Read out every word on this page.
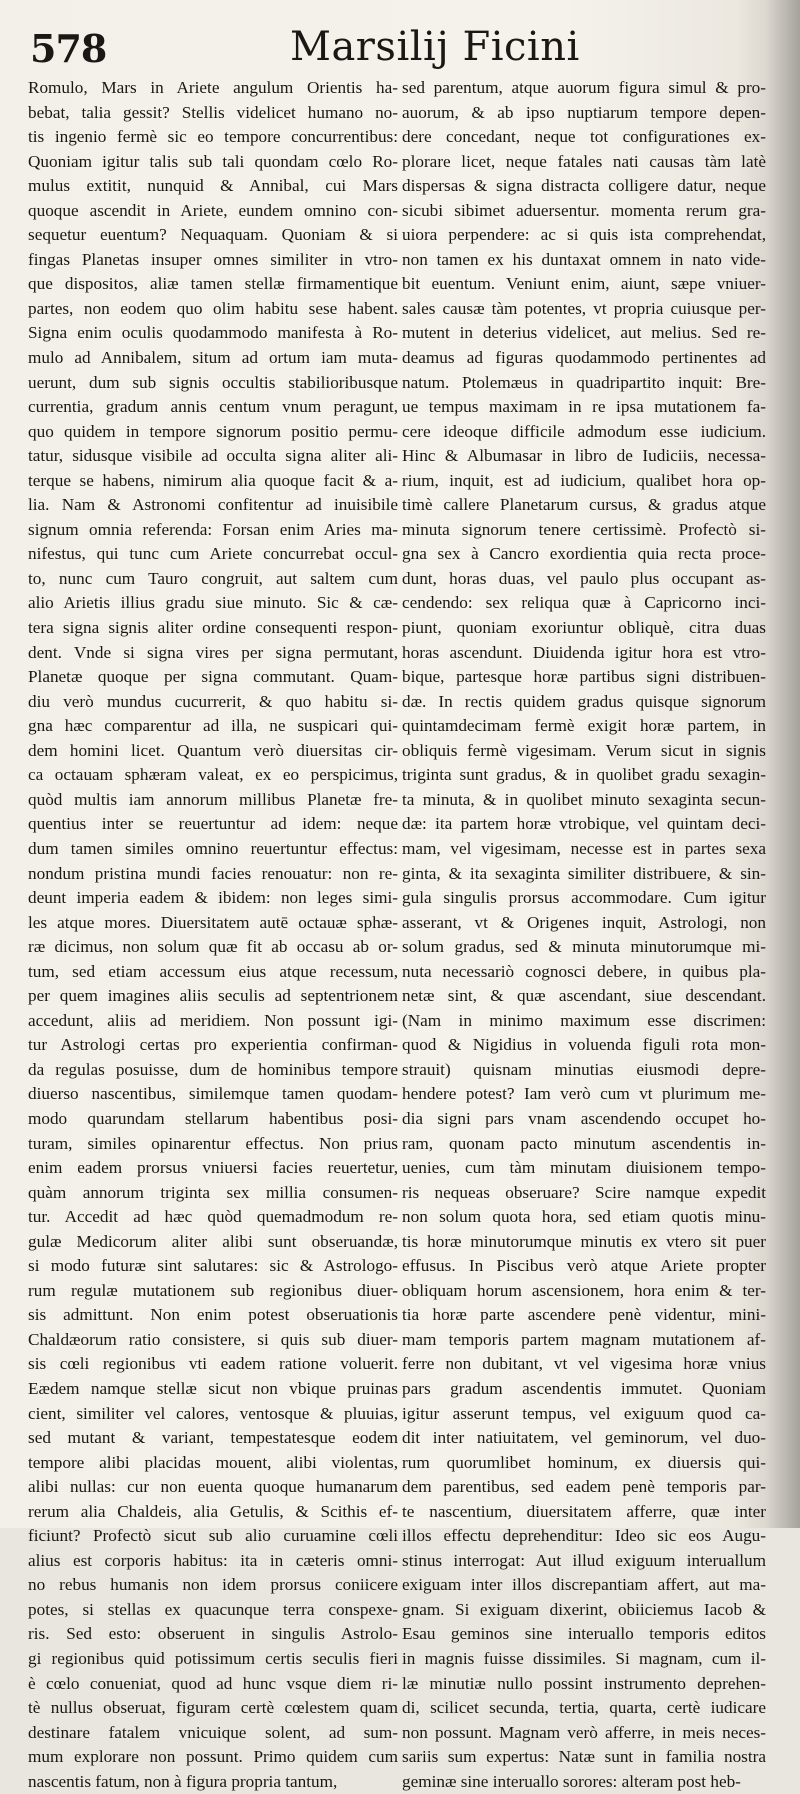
578	Marsilij Ficini
Romulo, Mars in Ariete angulum Orientis ha-
bebat, talia gessit? Stellis videlicet humano no-
tis ingenio fermè sic eo tempore concurrentibus:
Quoniam igitur talis sub tali quondam cœlo Ro-
mulus extitit, nunquid & Annibal, cui Mars
quoque ascendit in Ariete, eundem omnino con-
sequetur euentum? Nequaquam. Quoniam & si
fingas Planetas insuper omnes similiter in vtro-
que dispositos, aliæ tamen stellæ firmamentique
partes, non eodem quo olim habitu sese habent.
Signa enim oculis quodammodo manifesta à Ro-
mulo ad Annibalem, situm ad ortum iam muta-
uerunt, dum sub signis occultis stabilioribusque
currentia, gradum annis centum vnum peragunt,
quo quidem in tempore signorum positio permu-
tatur, sidusque visibile ad occulta signa aliter ali-
terque se habens, nimirum alia quoque facit & a-
lia. Nam & Astronomi confitentur ad inuisibile
signum omnia referenda: Forsan enim Aries ma-
nifestus, qui tunc cum Ariete concurrebat occul-
to, nunc cum Tauro congruit, aut saltem cum
alio Arietis illius gradu siue minuto. Sic & cæ-
tera signa signis aliter ordine consequenti respon-
dent. Vnde si signa vires per signa permutant,
Planetæ quoque per signa commutant. Quam-
diu verò mundus cucurrerit, & quo habitu si-
gna hæc comparentur ad illa, ne suspicari qui-
dem homini licet. Quantum verò diuersitas cir-
ca octauam sphæram valeat, ex eo perspicimus,
quòd multis iam annorum millibus Planetæ fre-
quentius inter se reuertuntur ad idem: neque
dum tamen similes omnino reuertuntur effectus:
nondum pristina mundi facies renouatur: non re-
deunt imperia eadem & ibidem: non leges simi-
les atque mores. Diuersitatem autē octauæ sphæ-
ræ dicimus, non solum quæ fit ab occasu ab or-
tum, sed etiam accessum eius atque recessum,
per quem imagines aliis seculis ad septentrionem
accedunt, aliis ad meridiem. Non possunt igi-
tur Astrologi certas pro experientia confirman-
da regulas posuisse, dum de hominibus tempore
diuerso nascentibus, similemque tamen quodam-
modo quarundam stellarum habentibus posi-
turam, similes opinarentur effectus. Non prius
enim eadem prorsus vniuersi facies reuertetur,
quàm annorum triginta sex millia consumen-
tur. Accedit ad hæc quòd quemadmodum re-
gulæ Medicorum aliter alibi sunt obseruandæ,
si modo futuræ sint salutares: sic & Astrologo-
rum regulæ mutationem sub regionibus diuer-
sis admittunt. Non enim potest obseruationis
Chaldæorum ratio consistere, si quis sub diuer-
sis cœli regionibus vti eadem ratione voluerit.
Eædem namque stellæ sicut non vbique pruinas
cient, similiter vel calores, ventosque & pluuias,
sed mutant & variant, tempestatesque eodem
tempore alibi placidas mouent, alibi violentas,
alibi nullas: cur non euenta quoque humanarum
rerum alia Chaldeis, alia Getulis, & Scithis ef-
ficiunt? Profectò sicut sub alio curuamine cœli
alius est corporis habitus: ita in cæteris omni-
no rebus humanis non idem prorsus coniicere
potes, si stellas ex quacunque terra conspexe-
ris. Sed esto: obseruent in singulis Astrolo-
gi regionibus quid potissimum certis seculis fieri
è cœlo conueniat, quod ad hunc vsque diem ri-
tè nullus obseruat, figuram certè cœlestem quam
destinare fatalem vnicuique solent, ad sum-
mum explorare non possunt. Primo quidem cum
nascentis fatum, non à figura propria tantum,
sed parentum, atque auorum figura simul & pro-
auorum, & ab ipso nuptiarum tempore depen-
dere concedant, neque tot configurationes ex-
plorare licet, neque fatales nati causas tàm latè
dispersas & signa distracta colligere datur, neque
sicubi sibimet aduersentur. momenta rerum gra-
uiora perpendere: ac si quis ista comprehendat,
non tamen ex his duntaxat omnem in nato vide-
bit euentum. Veniunt enim, aiunt, sæpe vniuer-
sales causæ tàm potentes, vt propria cuiusque per-
mutent in deterius videlicet, aut melius. Sed re-
deamus ad figuras quodammodo pertinentes ad
natum. Ptolemæus in quadripartito inquit: Bre-
ue tempus maximam in re ipsa mutationem fa-
cere ideoque difficile admodum esse iudicium.
Hinc & Albumasar in libro de Iudiciis, necessa-
rium, inquit, est ad iudicium, qualibet hora op-
timè callere Planetarum cursus, & gradus atque
minuta signorum tenere certissimè. Profectò si-
gna sex à Cancro exordientia quia recta proce-
dunt, horas duas, vel paulo plus occupant as-
cendendo: sex reliqua quæ à Capricorno inci-
piunt, quoniam exoriuntur obliquè, citra duas
horas ascendunt. Diuidenda igitur hora est vtro-
bique, partesque horæ partibus signi distribuen-
dæ. In rectis quidem gradus quisque signorum
quintamdecimam fermè exigit horæ partem, in
obliquis fermè vigesimam. Verum sicut in signis
triginta sunt gradus, & in quolibet gradu sexagin-
ta minuta, & in quolibet minuto sexaginta secun-
dæ: ita partem horæ vtrobique, vel quintam deci-
mam, vel vigesimam, necesse est in partes sexa
ginta, & ita sexaginta similiter distribuere, & sin-
gula singulis prorsus accommodare. Cum igitur
asserant, vt & Origenes inquit, Astrologi, non
solum gradus, sed & minuta minutorumque mi-
nuta necessariò cognosci debere, in quibus pla-
netæ sint, & quæ ascendant, siue descendant.
(Nam in minimo maximum esse discrimen:
quod & Nigidius in voluenda figuli rota mon-
strauit) quisnam minutias eiusmodi depre-
hendere potest? Iam verò cum vt plurimum me-
dia signi pars vnam ascendendo occupet ho-
ram, quonam pacto minutum ascendentis in-
uenies, cum tàm minutam diuisionem tempo-
ris nequeas obseruare? Scire namque expedit
non solum quota hora, sed etiam quotis minu-
tis horæ minutorumque minutis ex vtero sit puer
effusus. In Piscibus verò atque Ariete propter
obliquam horum ascensionem, hora enim & ter-
tia horæ parte ascendere penè videntur, mini-
mam temporis partem magnam mutationem af-
ferre non dubitant, vt vel vigesima horæ vnius
pars gradum ascendentis immutet. Quoniam
igitur asserunt tempus, vel exiguum quod ca-
dit inter natiuitatem, vel geminorum, vel duo-
rum quorumlibet hominum, ex diuersis qui-
dem parentibus, sed eadem penè temporis par-
te nascentium, diuersitatem afferre, quæ inter
illos effectu deprehenditur: Ideo sic eos Augu-
stinus interrogat: Aut illud exiguum interuallum
exiguam inter illos discrepantiam affert, aut ma-
gnam. Si exiguam dixerint, obiiciemus Iacob &
Esau geminos sine interuallo temporis editos
in magnis fuisse dissimiles. Si magnam, cum il-
læ minutiæ nullo possint instrumento deprehen-
di, scilicet secunda, tertia, quarta, certè iudicare
non possunt. Magnam verò afferre, in meis neces-
sariis sum expertus: Natæ sunt in familia nostra
geminæ sine interuallo sorores: alteram post heb-
